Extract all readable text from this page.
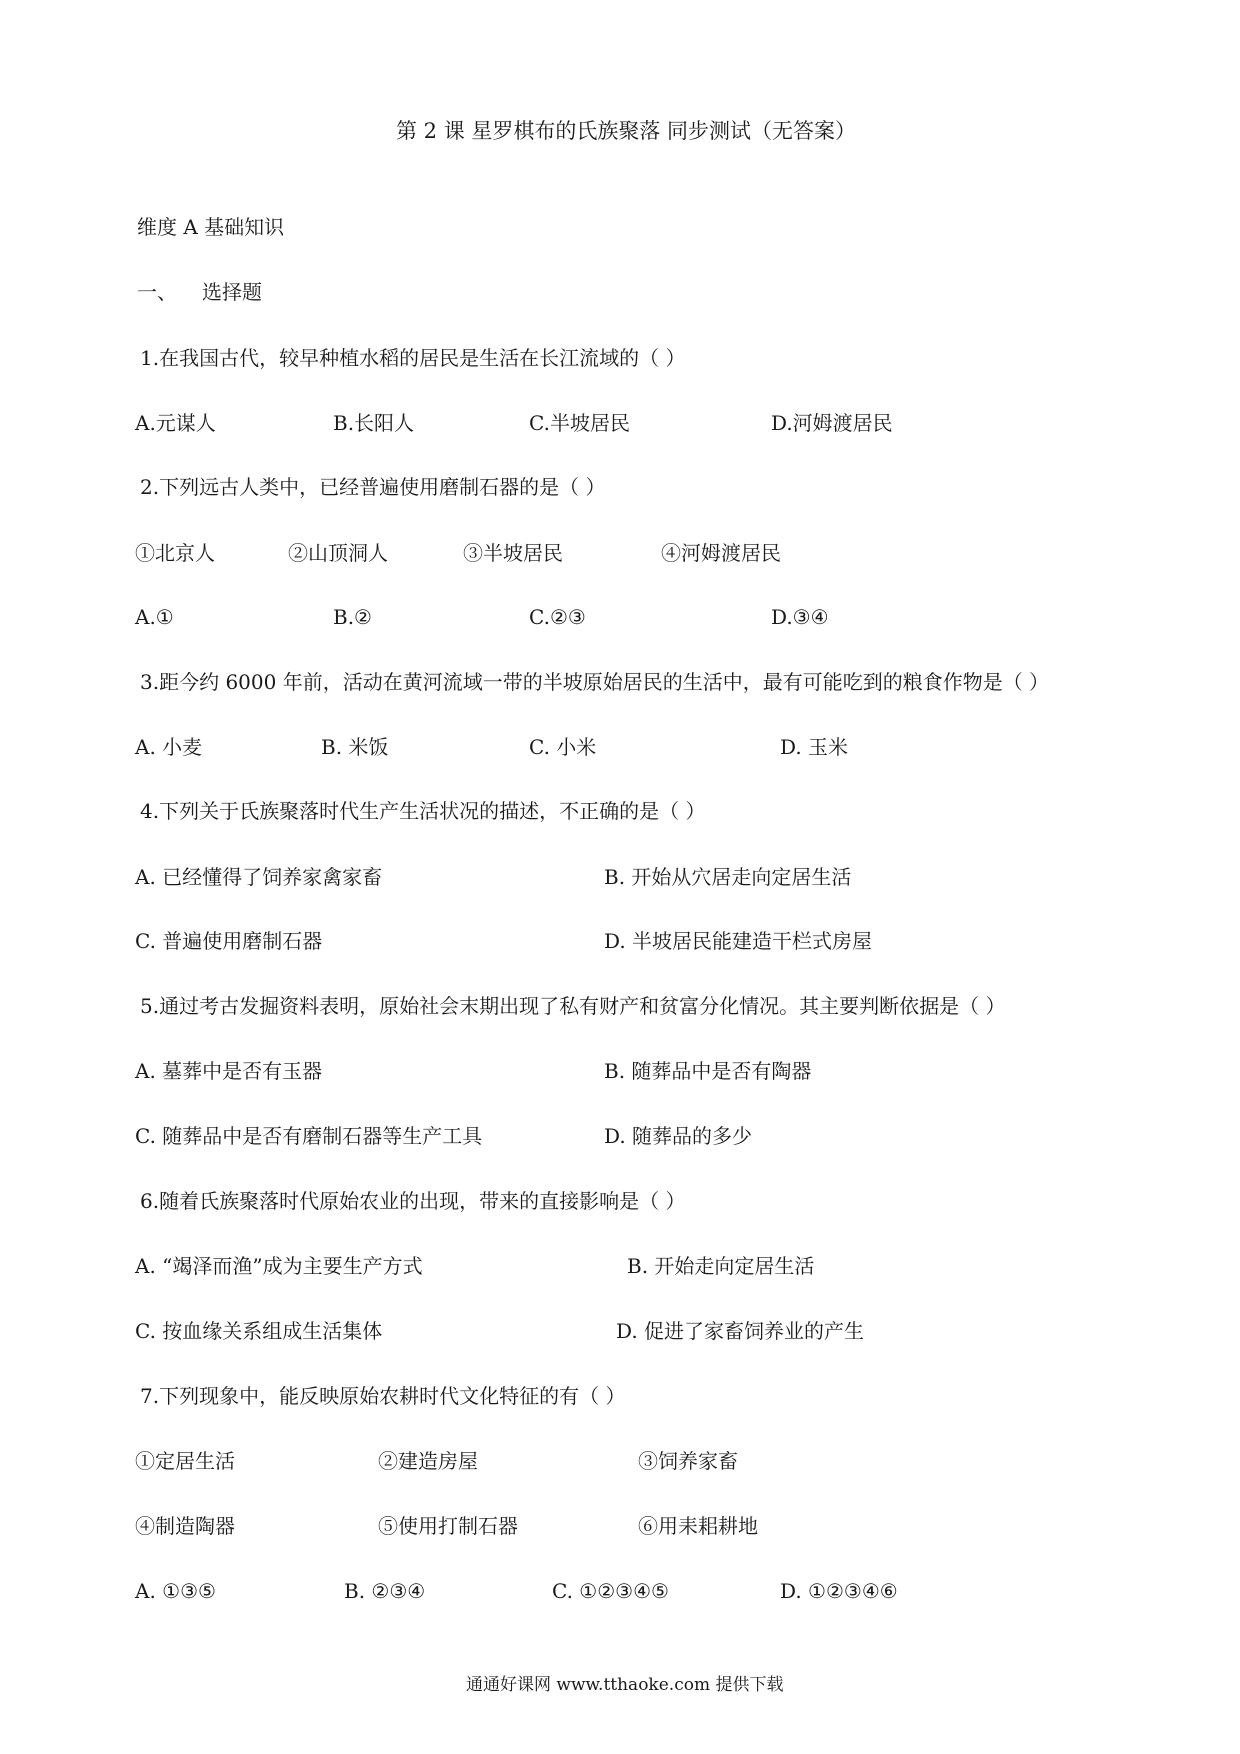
第 2 课 星罗棋布的氏族聚落 同步测试（无答案）
维度 A 基础知识
一、 选择题
1.在我国古代，较早种植水稻的居民是生活在长江流域的（ ）
A.元谋人	B.长阳人	C.半坡居民	D.河姆渡居民
2.下列远古人类中，已经普遍使用磨制石器的是（ ）
①北京人	②山顶洞人	③半坡居民	④河姆渡居民
A.①	B.②	C.②③	D.③④
3.距今约 6000 年前，活动在黄河流域一带的半坡原始居民的生活中，最有可能吃到的粮食作物是（ ）
A. 小麦	B. 米饭	C. 小米	D. 玉米
4.下列关于氏族聚落时代生产生活状况的描述，不正确的是（ ）
A. 已经懂得了饲养家禽家畜	B. 开始从穴居走向定居生活
C. 普遍使用磨制石器	D. 半坡居民能建造干栏式房屋
5.通过考古发掘资料表明，原始社会末期出现了私有财产和贫富分化情况。其主要判断依据是（ ）
A. 墓葬中是否有玉器	B. 随葬品中是否有陶器
C. 随葬品中是否有磨制石器等生产工具	D. 随葬品的多少
6.随着氏族聚落时代原始农业的出现，带来的直接影响是（ ）
A. “竭泽而渔”成为主要生产方式	B. 开始走向定居生活
C. 按血缘关系组成生活集体	D. 促进了家畜饲养业的产生
7.下列现象中，能反映原始农耕时代文化特征的有（ ）
①定居生活	②建造房屋	③饲养家畜
④制造陶器	⑤使用打制石器	⑥用耒耜耕地
A. ①③⑤	B. ②③④	C. ①②③④⑤	D. ①②③④⑥
通通好课网 www.tthaoke.com 提供下载
